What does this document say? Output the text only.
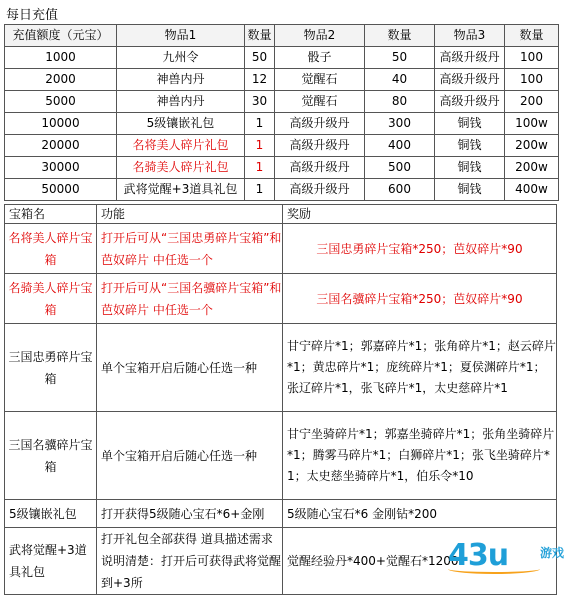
每日充值
充值额度（元宝）	物品1	数量	物品2	数量	物品3	数量
1000	九州令	50	骰子	50	高级升级丹	100
2000	神兽内丹	12	觉醒石	40	高级升级丹	100
5000	神兽内丹	30	觉醒石	80	高级升级丹	200
10000	5级镶嵌礼包	1	高级升级丹	300	铜钱	100w
20000	名将美人碎片礼包	1	高级升级丹	400	铜钱	200w
30000	名骑美人碎片礼包	1	高级升级丹	500	铜钱	200w
50000	武将觉醒+3道具礼包	1	高级升级丹	600	铜钱	400w
宝箱名	功能	奖励
名将美人碎片宝箱	打开后可从“三国忠勇碎片宝箱”和芭奴碎片 中任选一个	三国忠勇碎片宝箱*250；芭奴碎片*90
名骑美人碎片宝箱	打开后可从“三国名骥碎片宝箱”和芭奴碎片 中任选一个	三国名骥碎片宝箱*250；芭奴碎片*90
三国忠勇碎片宝箱	单个宝箱开启后随心任选一种	甘宁碎片*1；郭嘉碎片*1；张角碎片*1；赵云碎片*1；黄忠碎片*1；庞统碎片*1；夏侯渊碎片*1；张辽碎片*1，张飞碎片*1，太史慈碎片*1
三国名骥碎片宝箱	单个宝箱开启后随心任选一种	甘宁坐骑碎片*1；郭嘉坐骑碎片*1；张角坐骑碎片*1；腾雾马碎片*1；白狮碎片*1；张飞坐骑碎片*1；太史慈坐骑碎片*1，伯乐令*10
5级镶嵌礼包	打开获得5级随心宝石*6+金刚	5级随心宝石*6 金刚钻*200
武将觉醒+3道具礼包	打开礼包全部获得 道具描述需求说明清楚：打开后可获得武将觉醒到+3所	觉醒经验丹*400+觉醒石*1200
43u	游戏
